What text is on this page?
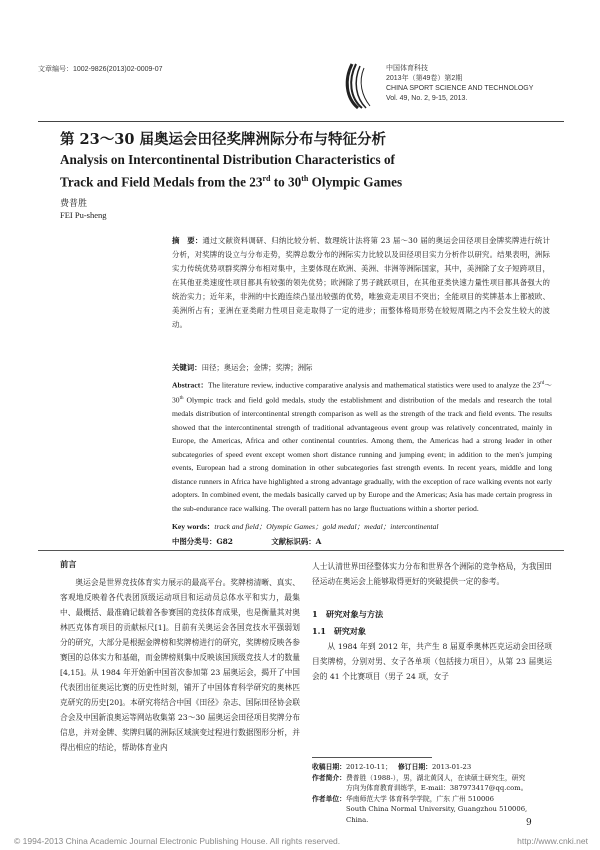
文章编号：1002-9826(2013)02-0009-07	中国体育科技
2013年（第49卷）第2期
CHINA SPORT SCIENCE AND TECHNOLOGY
Vol. 49, No. 2, 9-15, 2013.
第 23～30 届奥运会田径奖牌洲际分布与特征分析
Analysis on Intercontinental Distribution Characteristics of
Track and Field Medals from the 23rd to 30th Olympic Games
费普胜
FEI Pu-sheng
摘　要：通过文献资料调研、归纳比较分析、数理统计法将第 23 届～30 届的奥运会田径项目金牌奖牌进行统计分析，对奖牌的设立与分布走势，奖牌总数分布的洲际实力比较以及田径项目实力分析作以研究。结果表明，洲际实力传统优势项群奖牌分布相对集中，主要体现在欧洲、美洲、非洲等洲际国家，其中，美洲除了女子短跨项目，在其他亚类速度性项目都具有较强的领先优势；欧洲除了男子跳跃项目，在其他亚类快速力量性项目都具备强大的统治实力；近年来，非洲的中长跑连续凸显出较强的优势，唯独竞走项目不突出；全能项目的奖牌基本上都被欧、美洲所占有；亚洲在亚类耐力性项目竞走取得了一定的进步；而整体格局形势在较短周期之内不会发生较大的波动。
关键词：田径；奥运会；金牌；奖牌；洲际
Abstract：The literature review, inductive comparative analysis and mathematical statistics were used to analyze the 23rd～30th Olympic track and field gold medals, study the establishment and distribution of the medals and research the total medals distribution of intercontinental strength comparison as well as the strength of the track and field events. The results showed that the intercontinental strength of traditional advantageous event group was relatively concentrated, mainly in Europe, the Americas, Africa and other continental countries. Among them, the Americas had a strong leader in other subcategories of speed event except women short distance running and jumping event; in addition to the men's jumping events, European had a strong domination in other subcategories fast strength events. In recent years, middle and long distance runners in Africa have highlighted a strong advantage gradually, with the exception of race walking events not early adopters. In combined event, the medals basically carved up by Europe and the Americas; Asia has made certain progress in the sub-endurance race walking. The overall pattern has no large fluctuations within a shorter period.
Key words：track and field；Olympic Games；gold medal；medal；intercontinental
中图分类号：G82	文献标识码：A
前言

奥运会是世界竞技体育实力展示的最高平台。奖牌榜清晰、真实、客观地反映着各代表团顶级运动项目和运动员总体水平和实力，最集中、最概括、最准确记载着各参赛国的竞技体育成果，也是衡量其对奥林匹克体育项目的贡献标尺[1]。目前有关奥运会各国竞技水平强弱划分的研究，大部分是根据金牌榜和奖牌榜进行的研究，奖牌榜反映各参赛国的总体实力和基础，而金牌榜则集中反映该国顶级竞技人才的数量[4,15]。从 1984 年开始新中国首次参加第 23 届奥运会，揭开了中国代表团出征奥运比赛的历史性时刻，铺开了中国体育科学研究的奥林匹克研究的历史[20]。本研究将结合中国《田径》杂志、国际田径协会联合会及中国新浪奥运等网站收集第 23～30 届奥运会田径项目奖牌分布信息，并对金牌、奖牌归属的洲际区域演变过程进行数据图形分析，并得出相应的结论，帮助体育业内

人士认清世界田径整体实力分布和世界各个洲际的竞争格局，为我国田径运动在奥运会上能够取得更好的突破提供一定的参考。

1　研究对象与方法
1.1　研究对象

从 1984 年到 2012 年，共产生 8 届夏季奥林匹克运动会田径项目奖牌榜，分别对男、女子各单项（包括接力项目），从第 23 届奥运会的 41 个比赛项目（男子 24 项，女子

收稿日期： 2012-10-11； 修订日期： 2013-01-23
作者简介： 费普胜（1988-），男，湖北黄冈人，在读硕士研究生，研究
方向为体育教育训练学，E-mail：387973417@qq.com。
作者单位： 华南师范大学 体育科学学院，广东 广州 510006
South China Normal University, Guangzhou 510006,
China.	9
© 1994-2013 China Academic Journal Electronic Publishing House. All rights reserved.	http://www.cnki.net
